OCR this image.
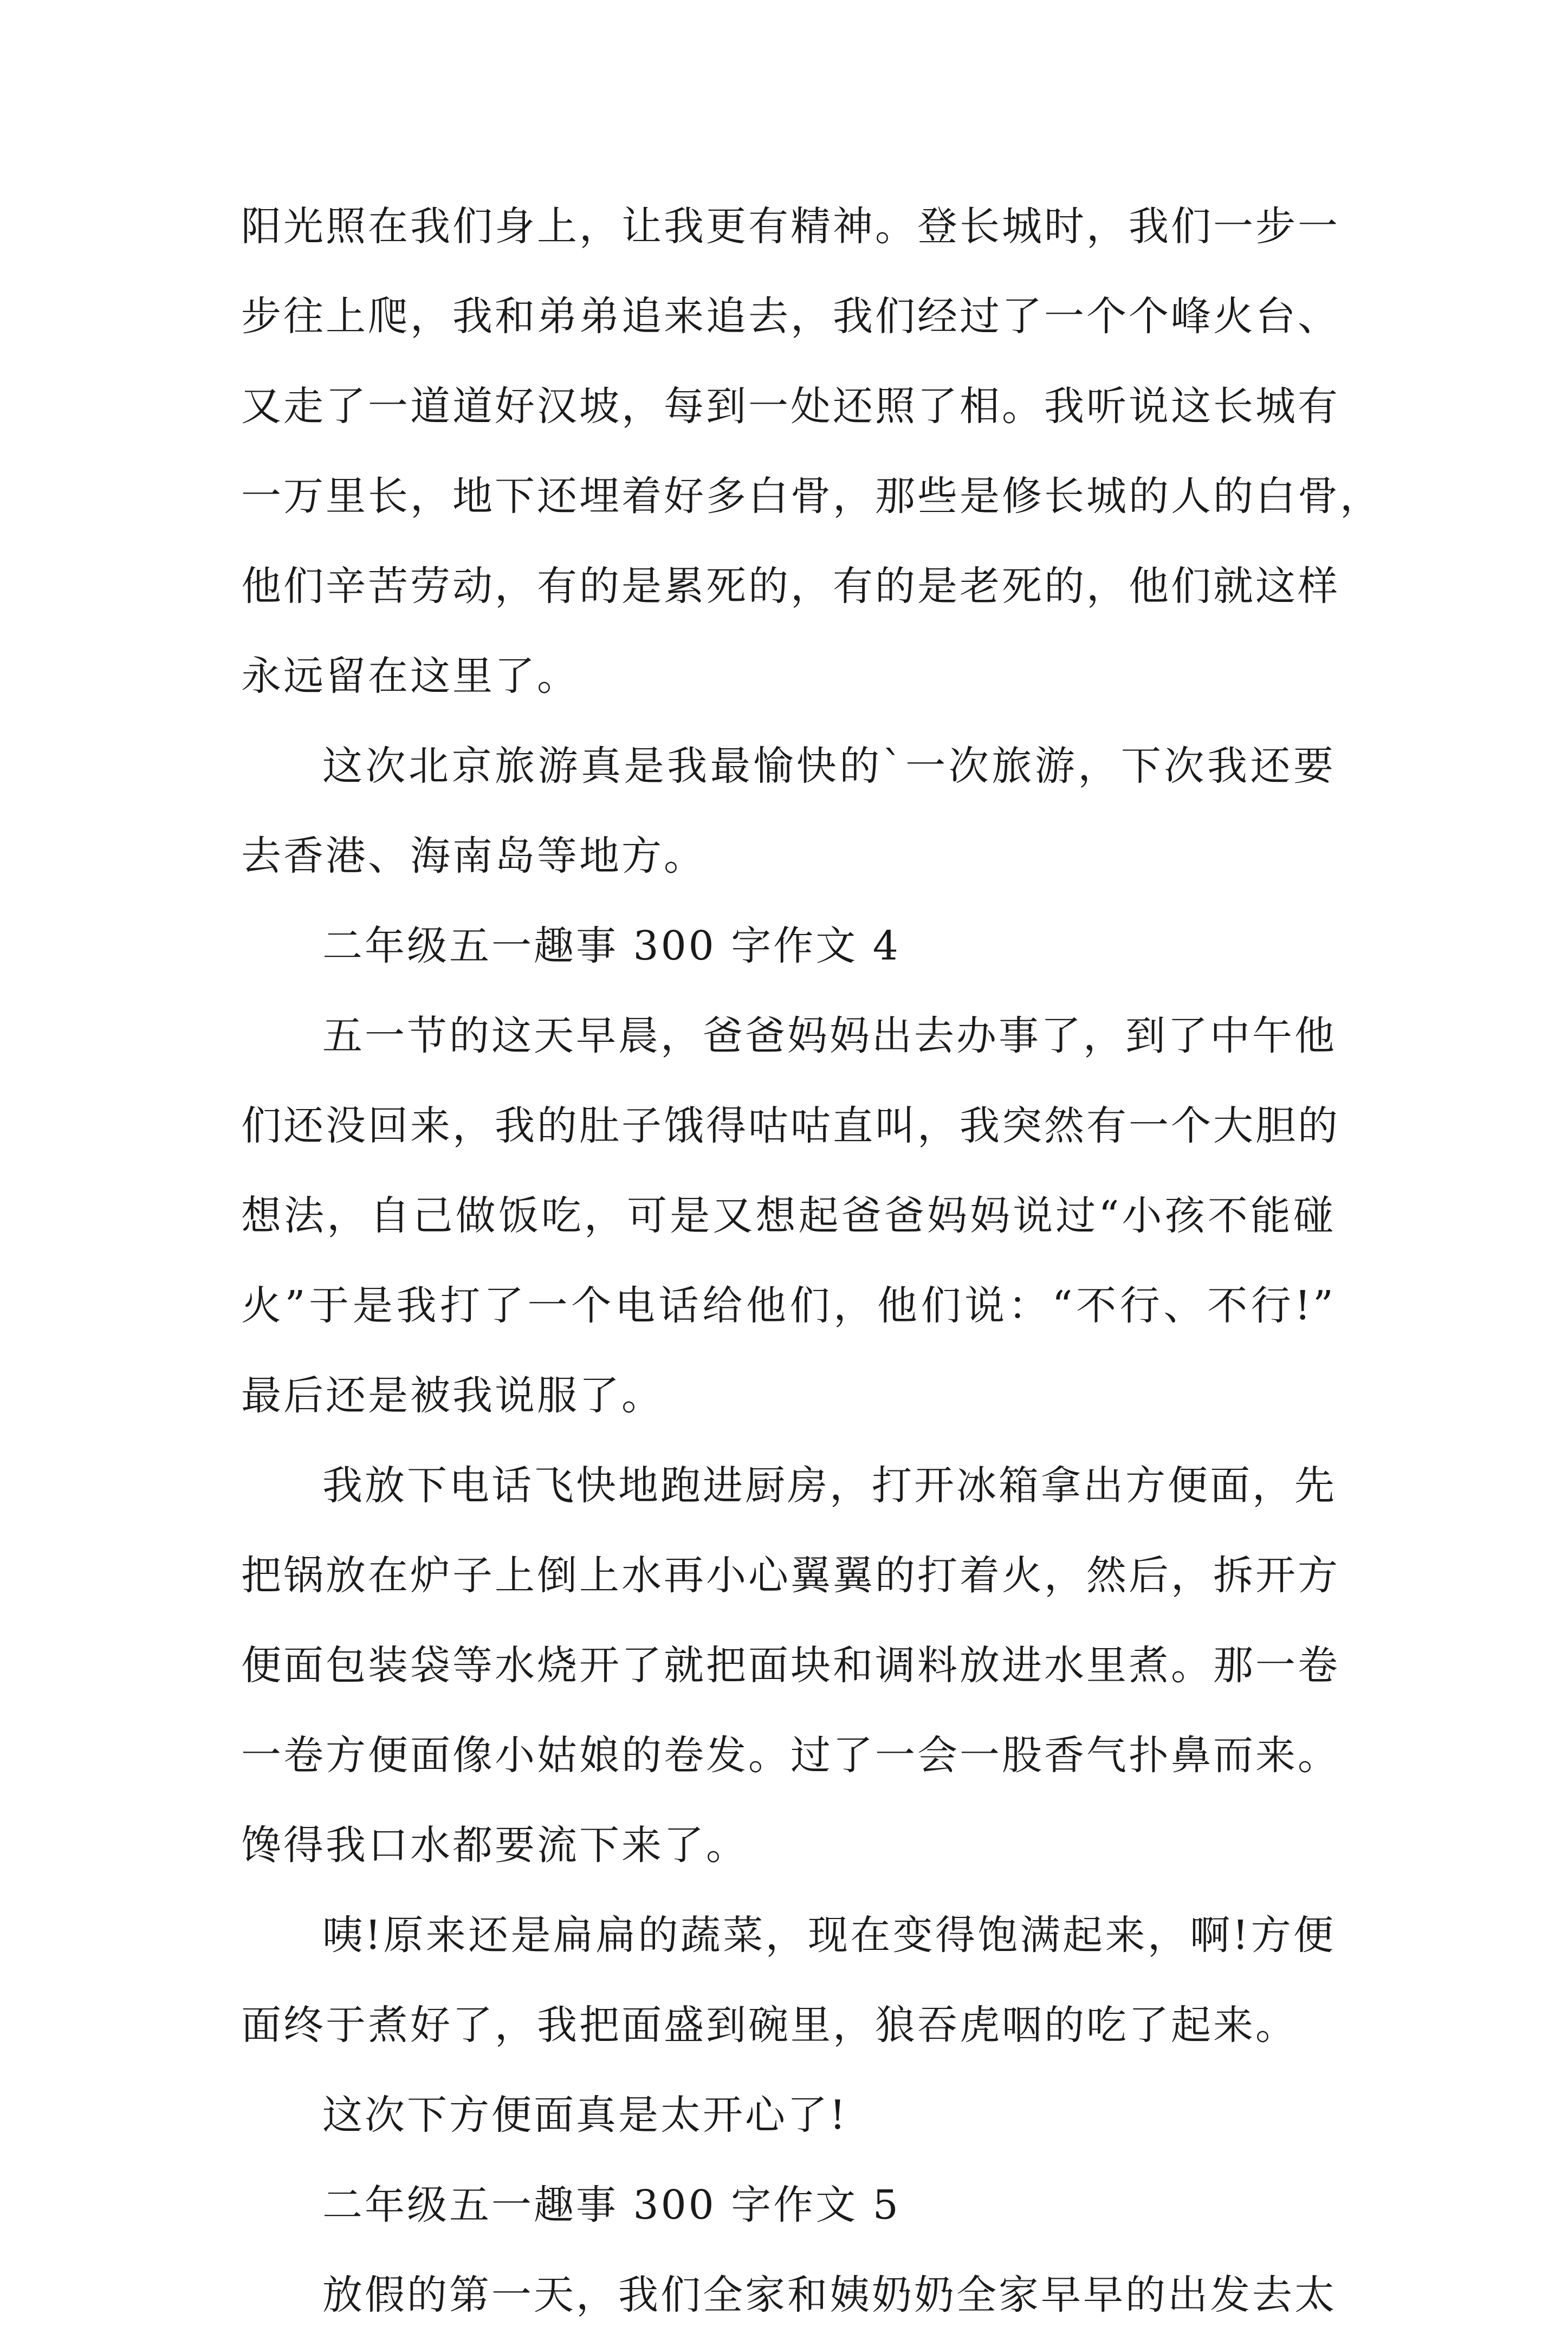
阳光照在我们身上，让我更有精神。登长城时，我们一步一
步往上爬，我和弟弟追来追去，我们经过了一个个峰火台、
又走了一道道好汉坡，每到一处还照了相。我听说这长城有
一万里长，地下还埋着好多白骨，那些是修长城的人的白骨，
他们辛苦劳动，有的是累死的，有的是老死的，他们就这样
永远留在这里了。
这次北京旅游真是我最愉快的`一次旅游，下次我还要
去香港、海南岛等地方。
二年级五一趣事 300 字作文 4
五一节的这天早晨，爸爸妈妈出去办事了，到了中午他
们还没回来，我的肚子饿得咕咕直叫，我突然有一个大胆的
想法，自己做饭吃，可是又想起爸爸妈妈说过“小孩不能碰
火”于是我打了一个电话给他们，他们说：“不行、不行!”
最后还是被我说服了。
我放下电话飞快地跑进厨房，打开冰箱拿出方便面，先
把锅放在炉子上倒上水再小心翼翼的打着火，然后，拆开方
便面包装袋等水烧开了就把面块和调料放进水里煮。那一卷
一卷方便面像小姑娘的卷发。过了一会一股香气扑鼻而来。
馋得我口水都要流下来了。
咦!原来还是扁扁的蔬菜，现在变得饱满起来，啊!方便
面终于煮好了，我把面盛到碗里，狼吞虎咽的吃了起来。
这次下方便面真是太开心了!
二年级五一趣事 300 字作文 5
放假的第一天，我们全家和姨奶奶全家早早的出发去太
